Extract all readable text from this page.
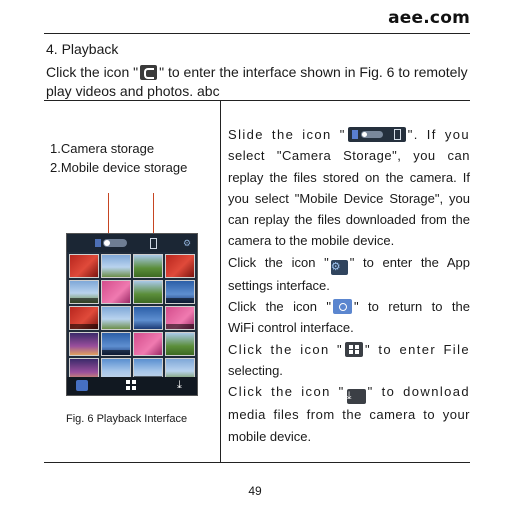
aee.com
4. Playback
Click the icon " " to enter the interface shown in Fig. 6 to remotely play videos and photos. abc
1.Camera storage
2.Mobile device storage
⚙
⤓
Fig. 6 Playback Interface

Slide the icon "	". If you

select "Camera Storage", you can

replay the files stored on the camera. If you select "Mobile Device Storage", you can replay the files downloaded from the camera to the mobile device.

Click the icon " ⚙ " to enter the App

settings interface.

Click the icon " " to return to the

WiFi control interface.

Click the icon " " to enter File

selecting.

Click the icon " ⤓ " to download

media files from the camera to your

mobile device.

49
